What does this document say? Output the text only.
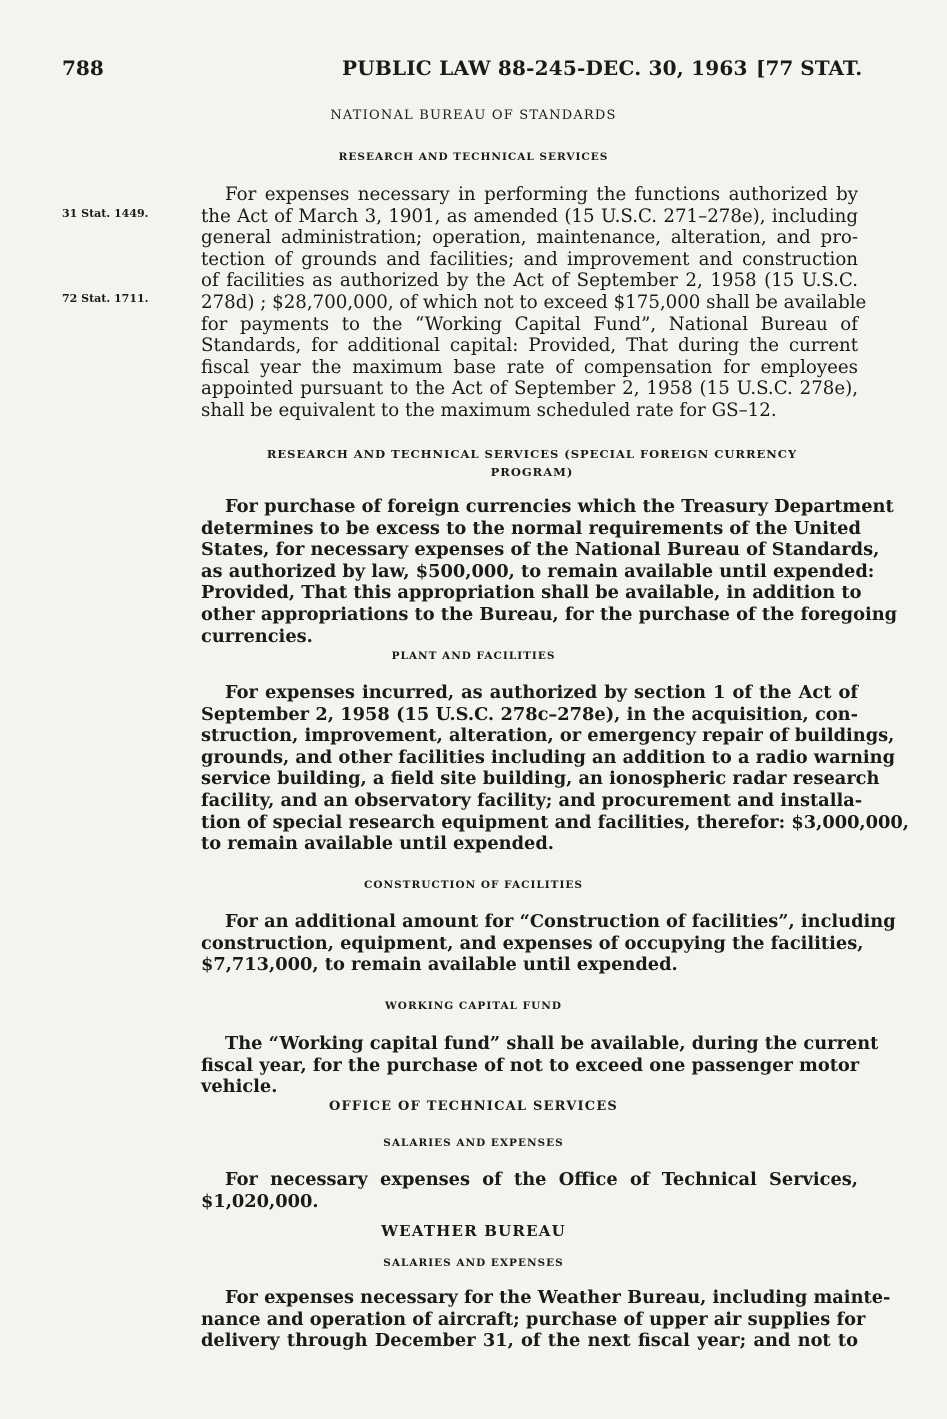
788	PUBLIC LAW 88-245-DEC. 30, 1963 [77 STAT.
NATIONAL BUREAU OF STANDARDS
RESEARCH AND TECHNICAL SERVICES
31 Stat. 1449.
72 Stat. 1711.
For expenses necessary in performing the functions authorized by
the Act of March 3, 1901, as amended (15 U.S.C. 271–278e), including
general administration; operation, maintenance, alteration, and pro-
tection of grounds and facilities; and improvement and construction
of facilities as authorized by the Act of September 2, 1958 (15 U.S.C.
278d) ; $28,700,000, of which not to exceed $175,000 shall be available
for payments to the “Working Capital Fund”, National Bureau of
Standards, for additional capital: Provided, That during the current
fiscal year the maximum base rate of compensation for employees
appointed pursuant to the Act of September 2, 1958 (15 U.S.C. 278e),
shall be equivalent to the maximum scheduled rate for GS–12.
RESEARCH AND TECHNICAL SERVICES (SPECIAL FOREIGN CURRENCY
PROGRAM)
For purchase of foreign currencies which the Treasury Department
determines to be excess to the normal requirements of the United
States, for necessary expenses of the National Bureau of Standards,
as authorized by law, $500,000, to remain available until expended:
Provided, That this appropriation shall be available, in addition to
other appropriations to the Bureau, for the purchase of the foregoing
currencies.
PLANT AND FACILITIES
For expenses incurred, as authorized by section 1 of the Act of
September 2, 1958 (15 U.S.C. 278c–278e), in the acquisition, con-
struction, improvement, alteration, or emergency repair of buildings,
grounds, and other facilities including an addition to a radio warning
service building, a field site building, an ionospheric radar research
facility, and an observatory facility; and procurement and installa-
tion of special research equipment and facilities, therefor: $3,000,000,
to remain available until expended.
CONSTRUCTION OF FACILITIES
For an additional amount for “Construction of facilities”, including
construction, equipment, and expenses of occupying the facilities,
$7,713,000, to remain available until expended.
WORKING CAPITAL FUND
The “Working capital fund” shall be available, during the current
fiscal year, for the purchase of not to exceed one passenger motor
vehicle.
OFFICE OF TECHNICAL SERVICES
SALARIES AND EXPENSES
For necessary expenses of the Office of Technical Services,
$1,020,000.
WEATHER BUREAU
SALARIES AND EXPENSES
For expenses necessary for the Weather Bureau, including mainte-
nance and operation of aircraft; purchase of upper air supplies for
delivery through December 31, of the next fiscal year; and not to
